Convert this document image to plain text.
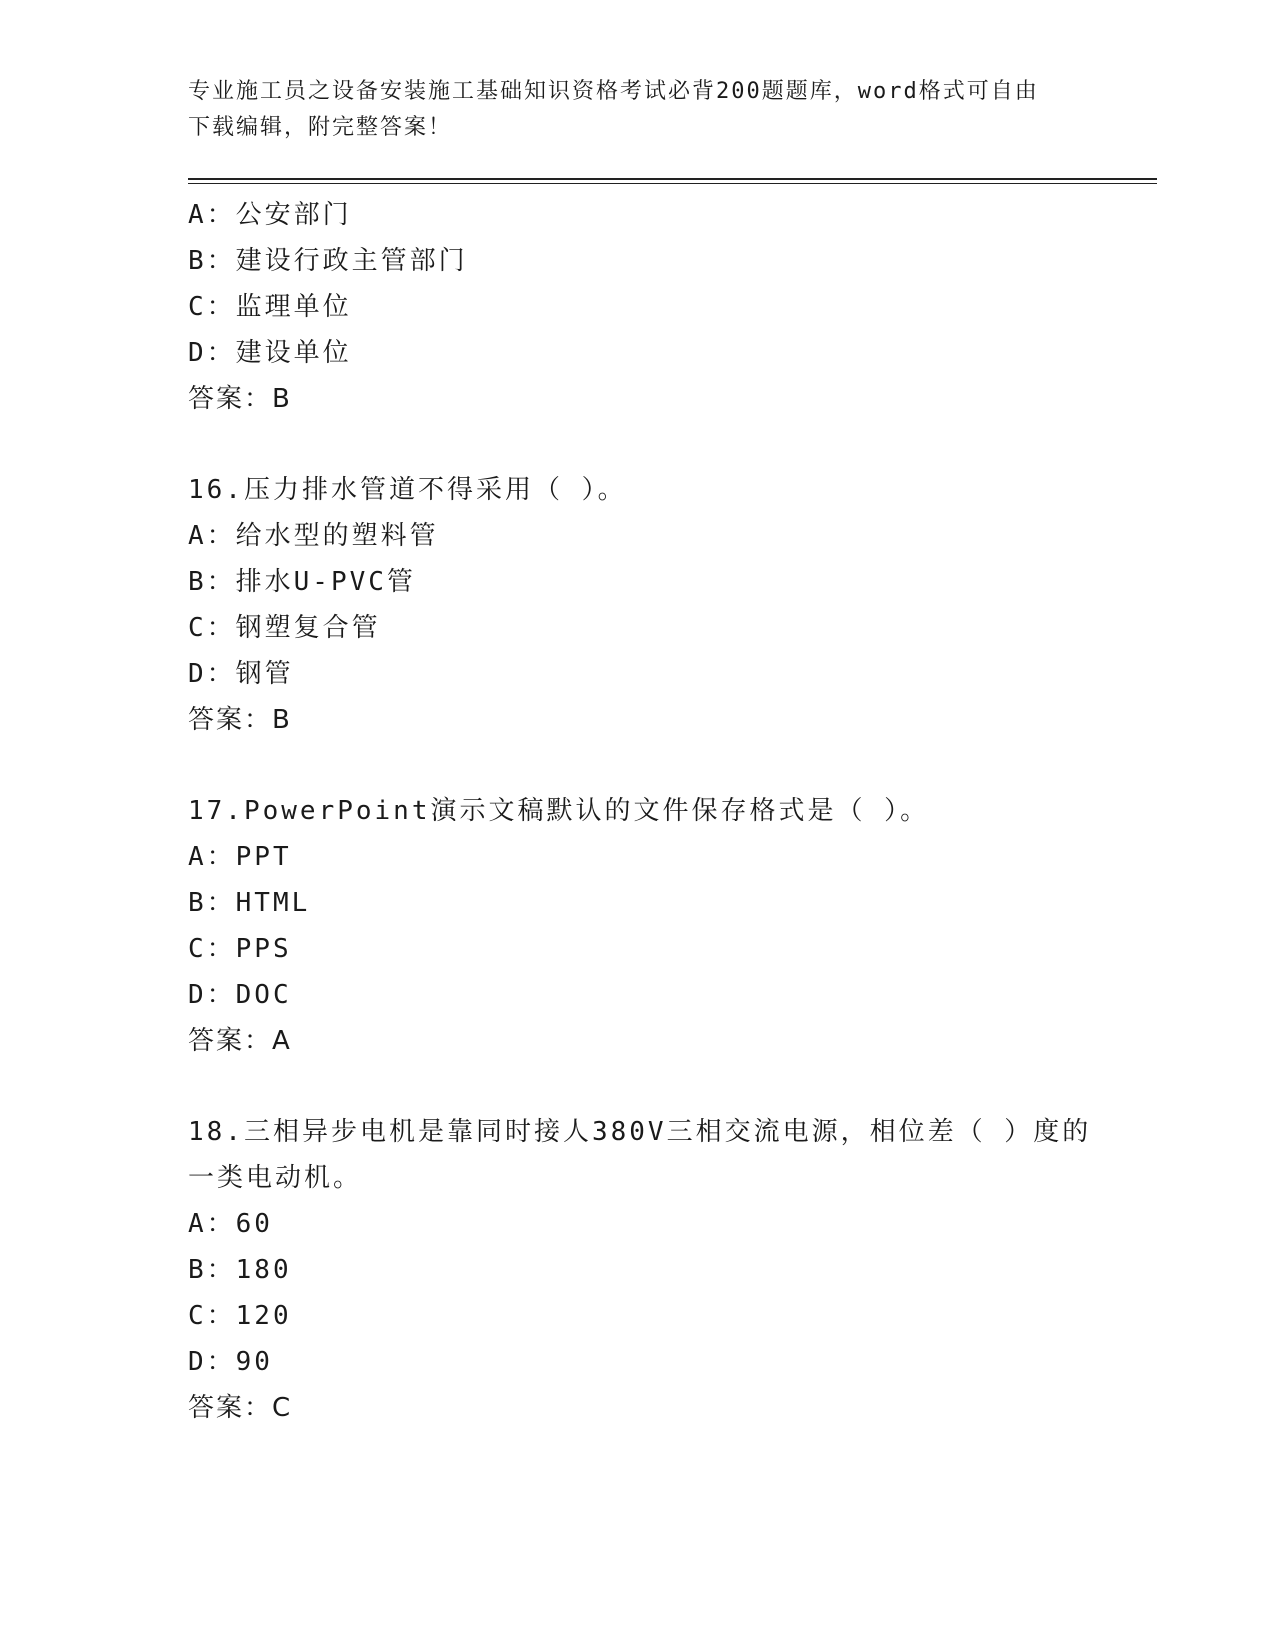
专业施工员之设备安装施工基础知识资格考试必背200题题库，word格式可自由
下载编辑，附完整答案！
A：公安部门
B：建设行政主管部门
C：监理单位
D：建设单位
答案：B
16.压力排水管道不得采用（ ）。
A：给水型的塑料管
B：排水U-PVC管
C：钢塑复合管
D：钢管
答案：B
17.PowerPoint演示文稿默认的文件保存格式是（ ）。
A：PPT
B：HTML
C：PPS
D：DOC
答案：A
18.三相异步电机是靠同时接人380V三相交流电源，相位差（ ）度的
一类电动机。
A：60
B：180
C：120
D：90
答案：C
